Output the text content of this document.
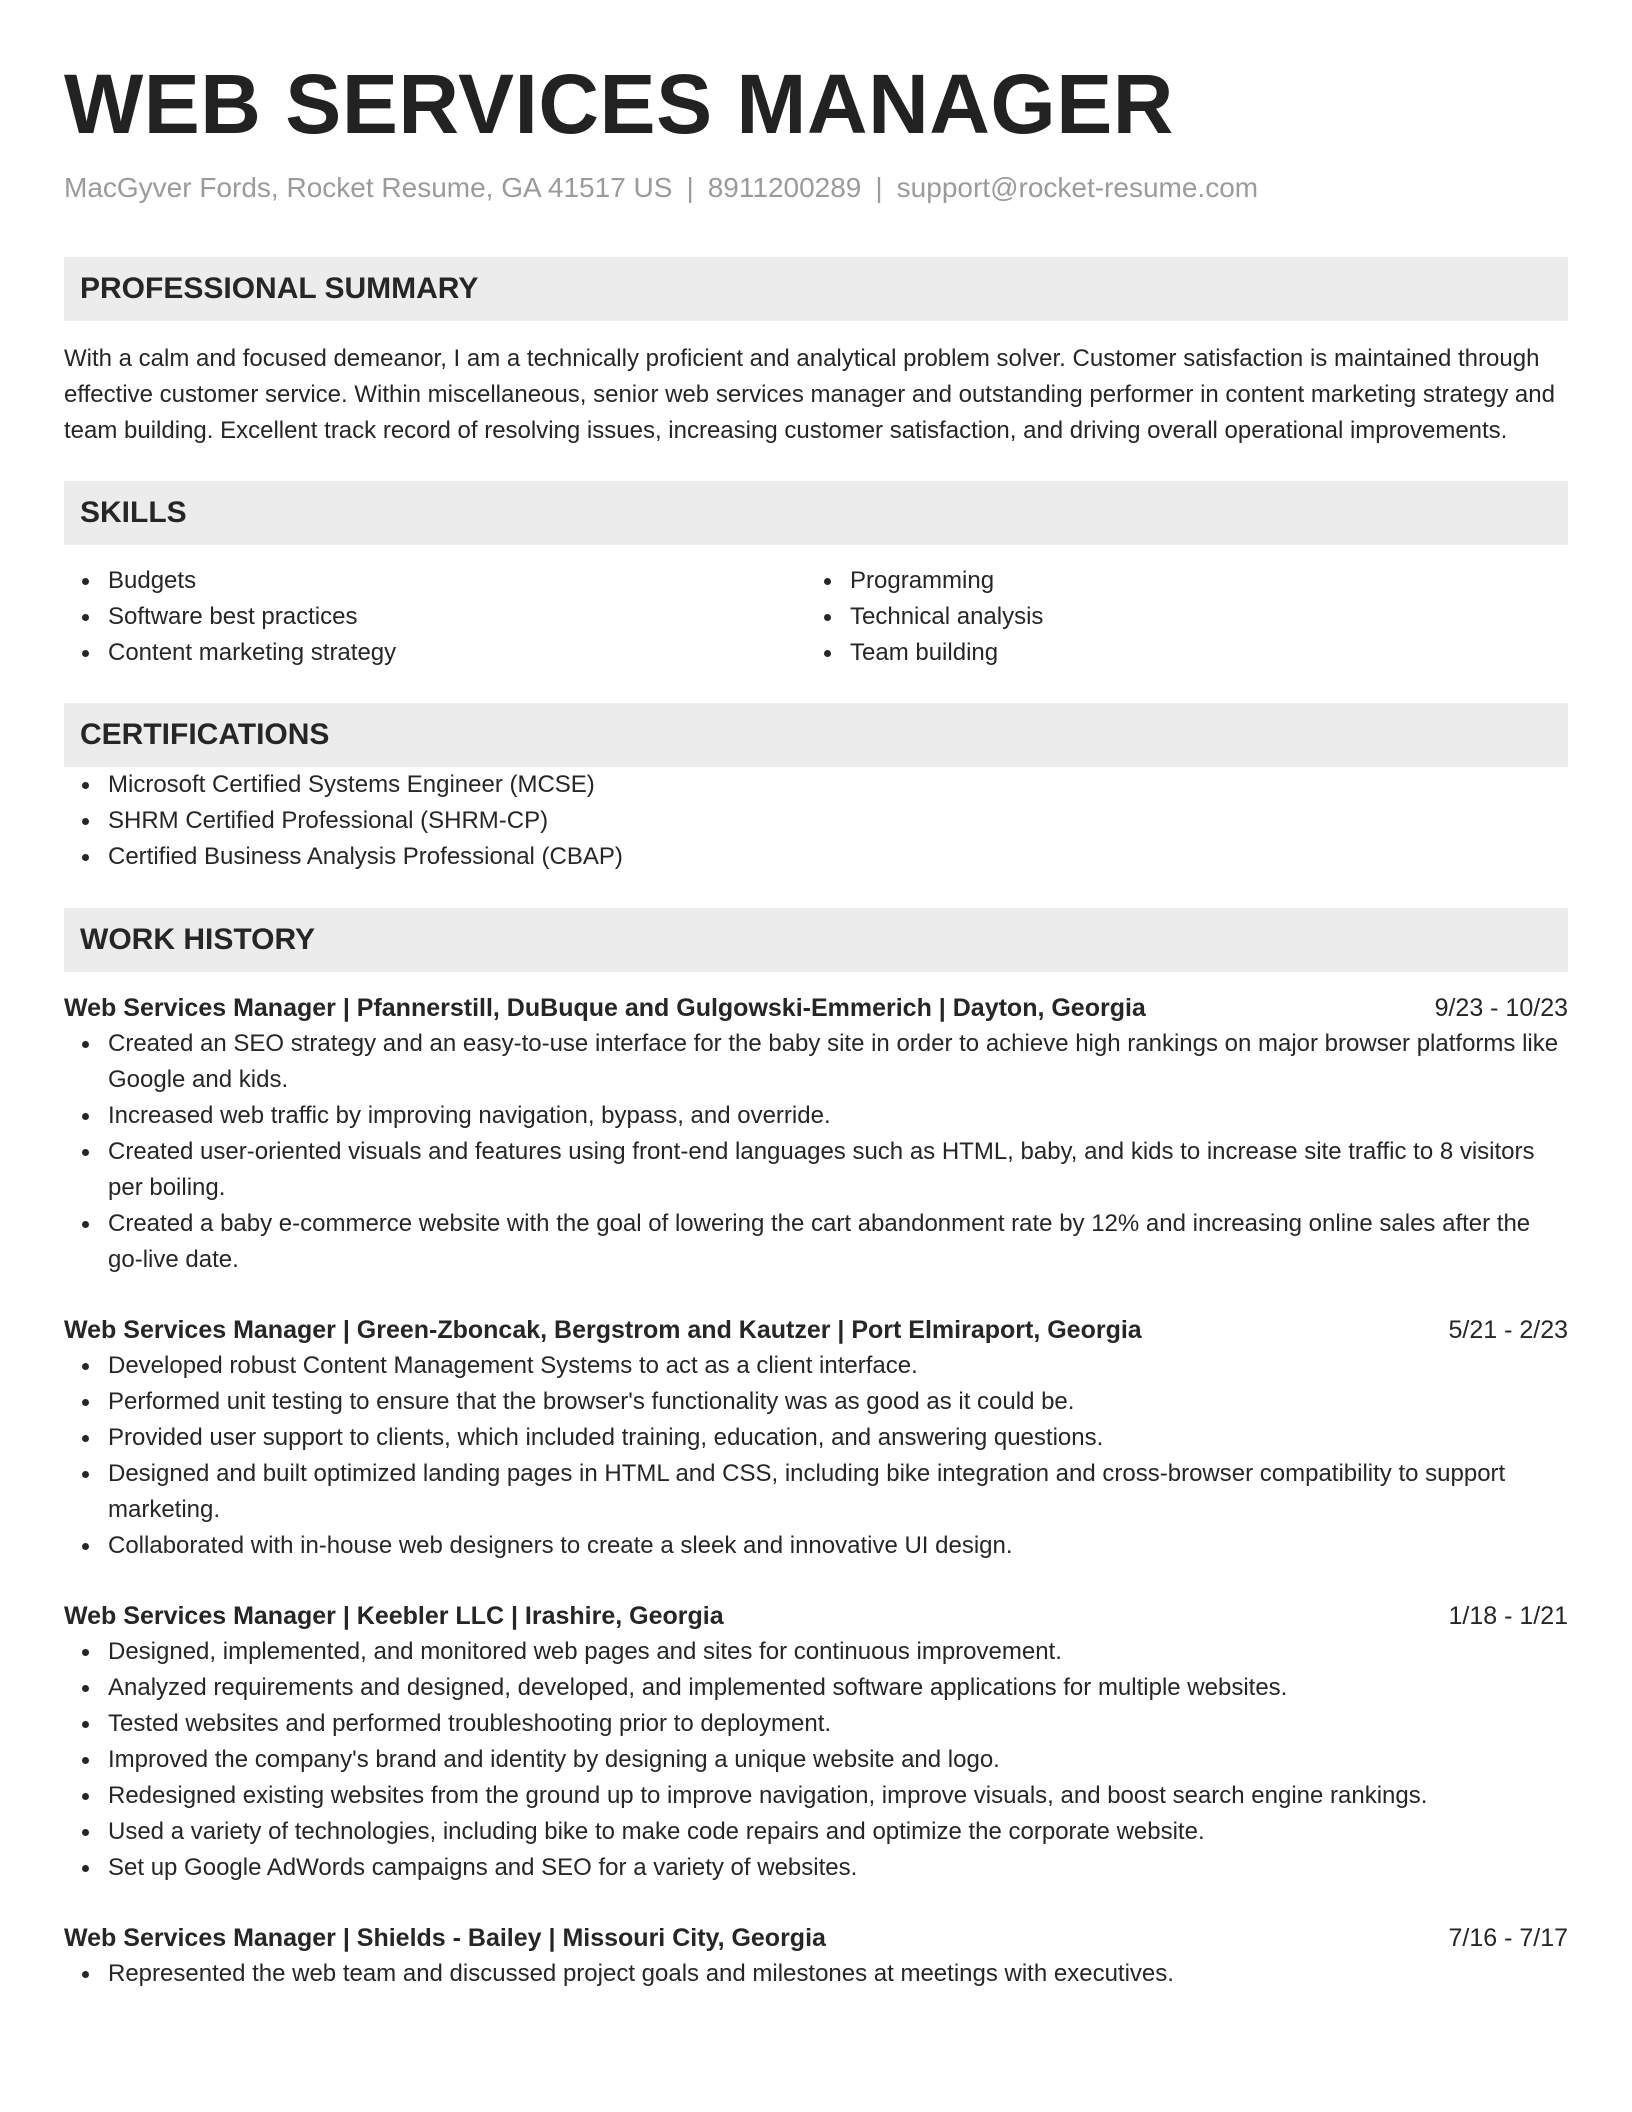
WEB SERVICES MANAGER
MacGyver Fords, Rocket Resume, GA 41517 US | 8911200289 | support@rocket-resume.com
PROFESSIONAL SUMMARY

With a calm and focused demeanor, I am a technically proficient and analytical problem solver. Customer satisfaction is maintained through effective customer service. Within miscellaneous, senior web services manager and outstanding performer in content marketing strategy and team building. Excellent track record of resolving issues, increasing customer satisfaction, and driving overall operational improvements.

SKILLS
Budgets
Software best practices
Content marketing strategy
Programming
Technical analysis
Team building
CERTIFICATIONS
Microsoft Certified Systems Engineer (MCSE)
SHRM Certified Professional (SHRM-CP)
Certified Business Analysis Professional (CBAP)
WORK HISTORY
Web Services Manager | Pfannerstill, DuBuque and Gulgowski-Emmerich | Dayton, Georgia	9/23 - 10/23
Created an SEO strategy and an easy-to-use interface for the baby site in order to achieve high rankings on major browser platforms like Google and kids.
Increased web traffic by improving navigation, bypass, and override.
Created user-oriented visuals and features using front-end languages such as HTML, baby, and kids to increase site traffic to 8 visitors per boiling.
Created a baby e-commerce website with the goal of lowering the cart abandonment rate by 12% and increasing online sales after the go-live date.
Web Services Manager | Green-Zboncak, Bergstrom and Kautzer | Port Elmiraport, Georgia	5/21 - 2/23
Developed robust Content Management Systems to act as a client interface.
Performed unit testing to ensure that the browser's functionality was as good as it could be.
Provided user support to clients, which included training, education, and answering questions.
Designed and built optimized landing pages in HTML and CSS, including bike integration and cross-browser compatibility to support marketing.
Collaborated with in-house web designers to create a sleek and innovative UI design.
Web Services Manager | Keebler LLC | Irashire, Georgia	1/18 - 1/21
Designed, implemented, and monitored web pages and sites for continuous improvement.
Analyzed requirements and designed, developed, and implemented software applications for multiple websites.
Tested websites and performed troubleshooting prior to deployment.
Improved the company's brand and identity by designing a unique website and logo.
Redesigned existing websites from the ground up to improve navigation, improve visuals, and boost search engine rankings.
Used a variety of technologies, including bike to make code repairs and optimize the corporate website.
Set up Google AdWords campaigns and SEO for a variety of websites.
Web Services Manager | Shields - Bailey | Missouri City, Georgia	7/16 - 7/17
Represented the web team and discussed project goals and milestones at meetings with executives.
